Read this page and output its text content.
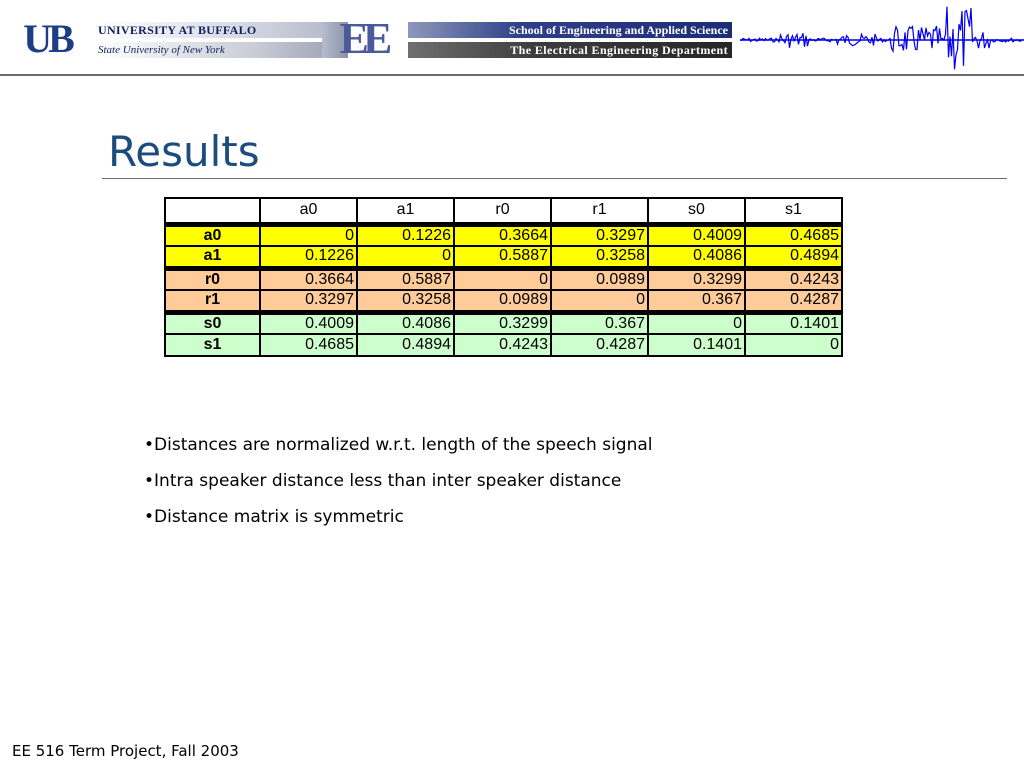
UB	UNIVERSITY AT BUFFALO
State University of New York	EE	School of Engineering and Applied Science
The Electrical Engineering Department
Results
	a0	a1	r0	r1	s0	s1
a0	0	0.1226	0.3664	0.3297	0.4009	0.4685
a1	0.1226	0	0.5887	0.3258	0.4086	0.4894
r0	0.3664	0.5887	0	0.0989	0.3299	0.4243
r1	0.3297	0.3258	0.0989	0	0.367	0.4287
s0	0.4009	0.4086	0.3299	0.367	0	0.1401
s1	0.4685	0.4894	0.4243	0.4287	0.1401	0
•Distances are normalized w.r.t. length of the speech signal
•Intra speaker distance less than inter speaker distance
•Distance matrix is symmetric
EE 516 Term Project, Fall 2003
